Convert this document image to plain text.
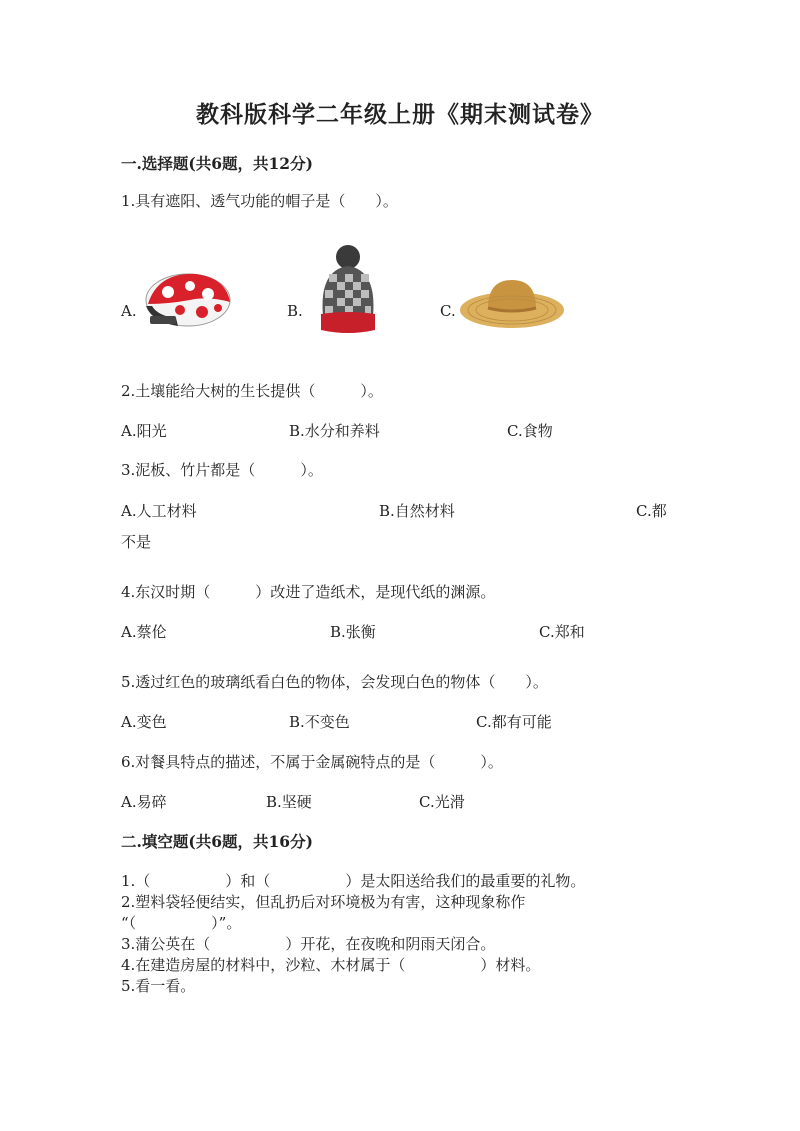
教科版科学二年级上册《期末测试卷》
一.选择题(共6题，共12分)
1.具有遮阳、透气功能的帽子是（　　）。
A.	B.	C.
2.土壤能给大树的生长提供（　　　）。
A.阳光	B.水分和养料	C.食物
3.泥板、竹片都是（　　　）。
A.人工材料	B.自然材料	C.都
不是
4.东汉时期（　　　）改进了造纸术，是现代纸的渊源。
A.蔡伦	B.张衡	C.郑和
5.透过红色的玻璃纸看白色的物体，会发现白色的物体（　　）。
A.变色	B.不变色	C.都有可能
6.对餐具特点的描述，不属于金属碗特点的是（　　　）。
A.易碎	B.坚硬	C.光滑
二.填空题(共6题，共16分)
1.（　　　　　）和（　　　　　）是太阳送给我们的最重要的礼物。
2.塑料袋轻便结实，但乱扔后对环境极为有害，这种现象称作
“（　　　　　）”。
3.蒲公英在（　　　　　）开花，在夜晚和阴雨天闭合。
4.在建造房屋的材料中，沙粒、木材属于（　　　　　）材料。
5.看一看。
